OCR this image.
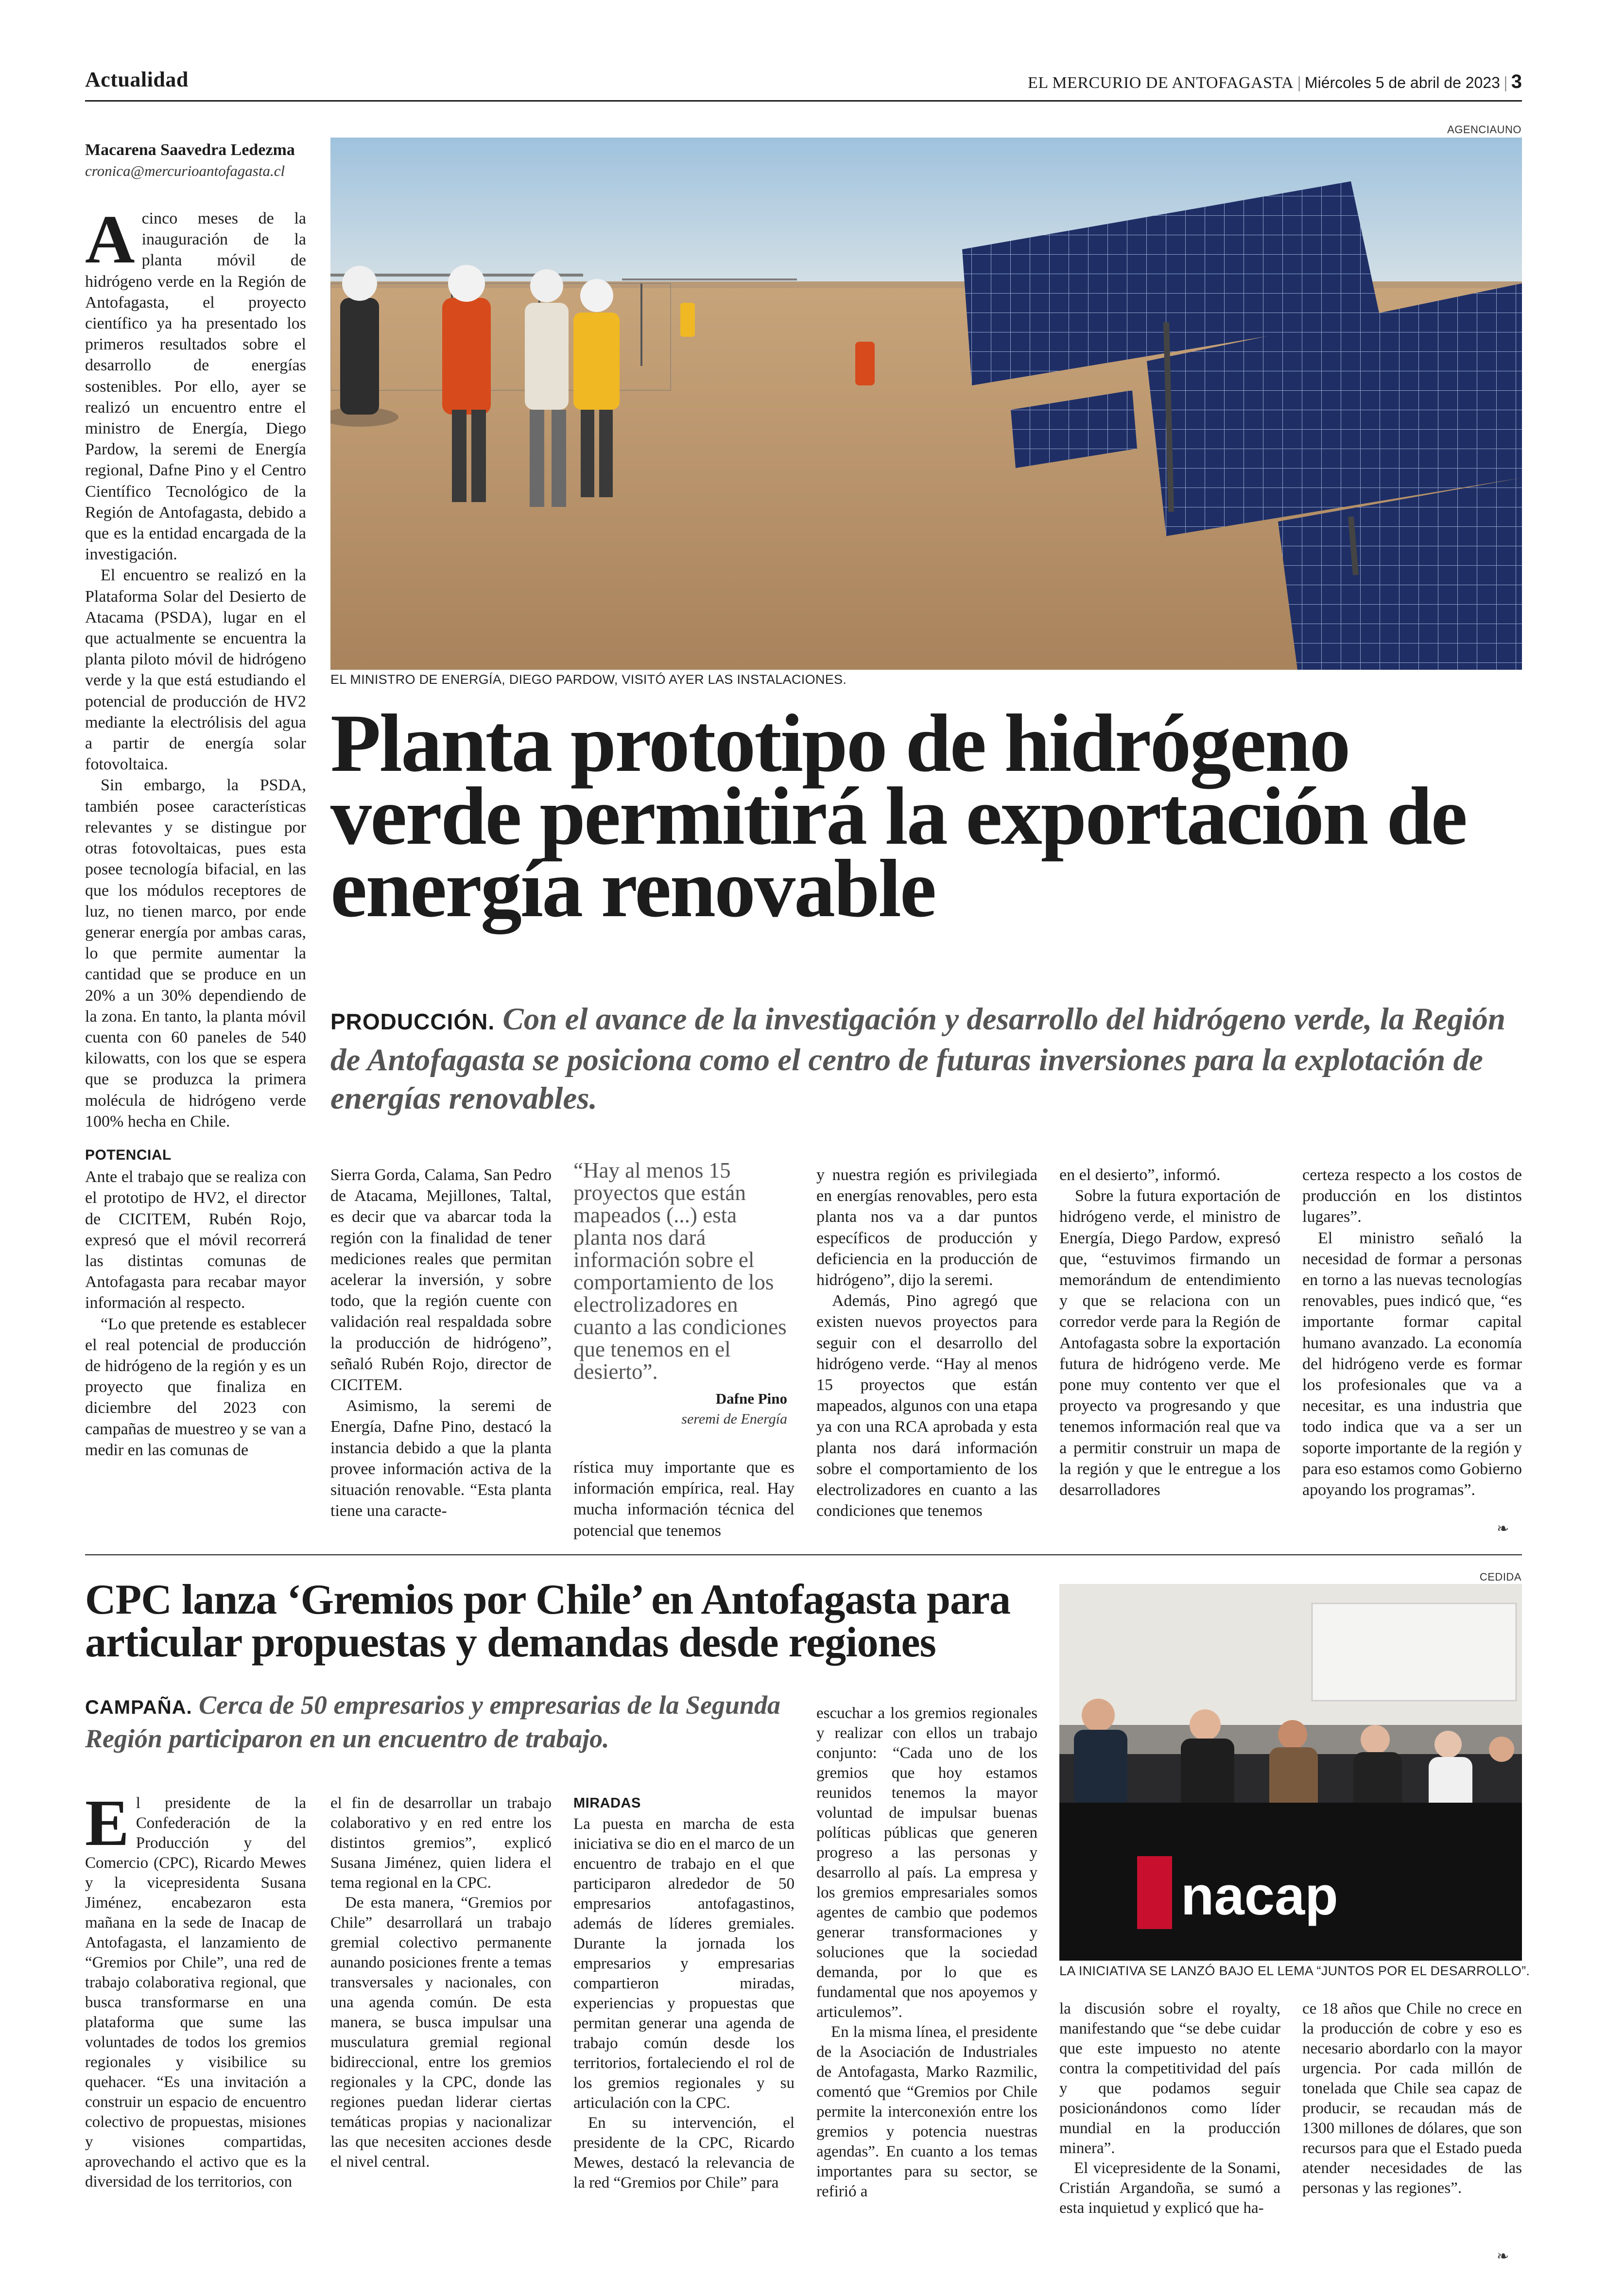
Actualidad	EL MERCURIO DE ANTOFAGASTA | Miércoles 5 de abril de 2023 | 3
Macarena Saavedra Ledezma
cronica@mercurioantofagasta.cl
A cinco meses de la inauguración de la planta móvil de hidrógeno verde en la Región de Antofagasta, el proyecto científico ya ha presentado los primeros resultados sobre el desarrollo de energías sostenibles. Por ello, ayer se realizó un encuentro entre el ministro de Energía, Diego Pardow, la seremi de Energía regional, Dafne Pino y el Centro Científico Tecnológico de la Región de Antofagasta, debido a que es la entidad encargada de la investigación.

El encuentro se realizó en la Plataforma Solar del Desierto de Atacama (PSDA), lugar en el que actualmente se encuentra la planta piloto móvil de hidrógeno verde y la que está estudiando el potencial de producción de HV2 mediante la electrólisis del agua a partir de energía solar fotovoltaica.

Sin embargo, la PSDA, también posee características relevantes y se distingue por otras fotovoltaicas, pues esta posee tecnología bifacial, en las que los módulos receptores de luz, no tienen marco, por ende generar energía por ambas caras, lo que permite aumentar la cantidad que se produce en un 20% a un 30% dependiendo de la zona. En tanto, la planta móvil cuenta con 60 paneles de 540 kilowatts, con los que se espera que se produzca la primera molécula de hidrógeno verde 100% hecha en Chile.

POTENCIAL

Ante el trabajo que se realiza con el prototipo de HV2, el director de CICITEM, Rubén Rojo, expresó que el móvil recorrerá las distintas comunas de Antofagasta para recabar mayor información al respecto.

“Lo que pretende es establecer el real potencial de producción de hidrógeno de la región y es un proyecto que finaliza en diciembre del 2023 con campañas de muestreo y se van a medir en las comunas de

AGENCIAUNO
EL MINISTRO DE ENERGÍA, DIEGO PARDOW, VISITÓ AYER LAS INSTALACIONES.
Planta prototipo de hidrógeno verde permitirá la exportación de energía renovable
PRODUCCIÓN. Con el avance de la investigación y desarrollo del hidrógeno verde, la Región de Antofagasta se posiciona como el centro de futuras inversiones para la explotación de energías renovables.

Sierra Gorda, Calama, San Pedro de Atacama, Mejillones, Taltal, es decir que va abarcar toda la región con la finalidad de tener mediciones reales que permitan acelerar la inversión, y sobre todo, que la región cuente con validación real respaldada sobre la producción de hidrógeno”, señaló Rubén Rojo, director de CICITEM.

Asimismo, la seremi de Energía, Dafne Pino, destacó la instancia debido a que la planta provee información activa de la situación renovable. “Esta planta tiene una caracte-

“Hay al menos 15 proyectos que están mapeados (...) esta planta nos dará información sobre el comportamiento de los electrolizadores en cuanto a las condiciones que tenemos en el desierto”.
Dafne Pino
seremi de Energía

rística muy importante que es información empírica, real. Hay mucha información técnica del potencial que tenemos

y nuestra región es privilegiada en energías renovables, pero esta planta nos va a dar puntos específicos de producción y deficiencia en la producción de hidrógeno”, dijo la seremi.

Además, Pino agregó que existen nuevos proyectos para seguir con el desarrollo del hidrógeno verde. “Hay al menos 15 proyectos que están mapeados, algunos con una etapa ya con una RCA aprobada y esta planta nos dará información sobre el comportamiento de los electrolizadores en cuanto a las condiciones que tenemos

en el desierto”, informó.

Sobre la futura exportación de hidrógeno verde, el ministro de Energía, Diego Pardow, expresó que, “estuvimos firmando un memorándum de entendimiento y que se relaciona con un corredor verde para la Región de Antofagasta sobre la exportación futura de hidrógeno verde. Me pone muy contento ver que el proyecto va progresando y que tenemos información real que va a permitir construir un mapa de la región y que le entregue a los desarrolladores

certeza respecto a los costos de producción en los distintos lugares”.

El ministro señaló la necesidad de formar a personas en torno a las nuevas tecnologías renovables, pues indicó que, “es importante formar capital humano avanzado. La economía del hidrógeno verde es formar los profesionales que va a necesitar, es una industria que todo indica que va a ser un soporte importante de la región y para eso estamos como Gobierno apoyando los programas”.

❧
CPC lanza ‘Gremios por Chile’ en Antofagasta para articular propuestas y demandas desde regiones
CAMPAÑA. Cerca de 50 empresarios y empresarias de la Segunda Región participaron en un encuentro de trabajo.
CEDIDA
nacap
LA INICIATIVA SE LANZÓ BAJO EL LEMA “JUNTOS POR EL DESARROLLO”.
E l presidente de la Confederación de la Producción y del Comercio (CPC), Ricardo Mewes y la vicepresidenta Susana Jiménez, encabezaron esta mañana en la sede de Inacap de Antofagasta, el lanzamiento de “Gremios por Chile”, una red de trabajo colaborativa regional, que busca transformarse en una plataforma que sume las voluntades de todos los gremios regionales y visibilice su quehacer. “Es una invitación a construir un espacio de encuentro colectivo de propuestas, misiones y visiones compartidas, aprovechando el activo que es la diversidad de los territorios, con

el fin de desarrollar un trabajo colaborativo y en red entre los distintos gremios”, explicó Susana Jiménez, quien lidera el tema regional en la CPC.

De esta manera, “Gremios por Chile” desarrollará un trabajo gremial colectivo permanente aunando posiciones frente a temas transversales y nacionales, con una agenda común. De esta manera, se busca impulsar una musculatura gremial regional bidireccional, entre los gremios regionales y la CPC, donde las regiones puedan liderar ciertas temáticas propias y nacionalizar las que necesiten acciones desde el nivel central.

MIRADAS

La puesta en marcha de esta iniciativa se dio en el marco de un encuentro de trabajo en el que participaron alrededor de 50 empresarios antofagastinos, además de líderes gremiales. Durante la jornada los empresarios y empresarias compartieron miradas, experiencias y propuestas que permitan generar una agenda de trabajo común desde los territorios, fortaleciendo el rol de los gremios regionales y su articulación con la CPC.

En su intervención, el presidente de la CPC, Ricardo Mewes, destacó la relevancia de la red “Gremios por Chile” para

escuchar a los gremios regionales y realizar con ellos un trabajo conjunto: “Cada uno de los gremios que hoy estamos reunidos tenemos la mayor voluntad de impulsar buenas políticas públicas que generen progreso a las personas y desarrollo al país. La empresa y los gremios empresariales somos agentes de cambio que podemos generar transformaciones y soluciones que la sociedad demanda, por lo que es fundamental que nos apoyemos y articulemos”.

En la misma línea, el presidente de la Asociación de Industriales de Antofagasta, Marko Razmilic, comentó que “Gremios por Chile permite la interconexión entre los gremios y potencia nuestras agendas”. En cuanto a los temas importantes para su sector, se refirió a

la discusión sobre el royalty, manifestando que “se debe cuidar que este impuesto no atente contra la competitividad del país y que podamos seguir posicionándonos como líder mundial en la producción minera”.

El vicepresidente de la Sonami, Cristián Argandoña, se sumó a esta inquietud y explicó que ha-

ce 18 años que Chile no crece en la producción de cobre y eso es necesario abordarlo con la mayor urgencia. Por cada millón de tonelada que Chile sea capaz de producir, se recaudan más de 1300 millones de dólares, que son recursos para que el Estado pueda atender necesidades de las personas y las regiones”.

❧
